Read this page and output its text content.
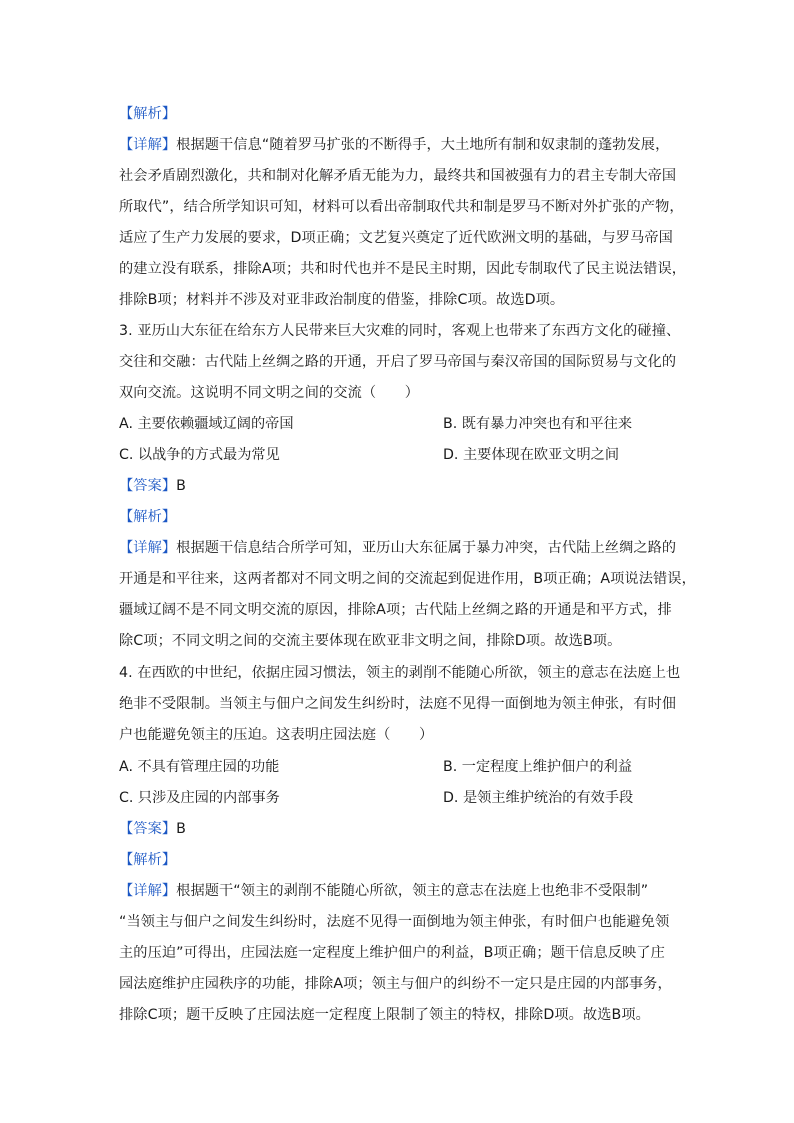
【解析】
【详解】根据题干信息“随着罗马扩张的不断得手，大土地所有制和奴隶制的蓬勃发展，
社会矛盾剧烈激化，共和制对化解矛盾无能为力，最终共和国被强有力的君主专制大帝国
所取代”，结合所学知识可知，材料可以看出帝制取代共和制是罗马不断对外扩张的产物，
适应了生产力发展的要求，D项正确；文艺复兴奠定了近代欧洲文明的基础，与罗马帝国
的建立没有联系，排除A项；共和时代也并不是民主时期，因此专制取代了民主说法错误，
排除B项；材料并不涉及对亚非政治制度的借鉴，排除C项。故选D项。
3. 亚历山大东征在给东方人民带来巨大灾难的同时，客观上也带来了东西方文化的碰撞、
交往和交融：古代陆上丝绸之路的开通，开启了罗马帝国与秦汉帝国的国际贸易与文化的
双向交流。这说明不同文明之间的交流（　　）
A. 主要依赖疆域辽阔的帝国	B. 既有暴力冲突也有和平往来
C. 以战争的方式最为常见	D. 主要体现在欧亚文明之间
【答案】B
【解析】
【详解】根据题干信息结合所学可知，亚历山大东征属于暴力冲突，古代陆上丝绸之路的
开通是和平往来，这两者都对不同文明之间的交流起到促进作用，B项正确；A项说法错误，
疆域辽阔不是不同文明交流的原因，排除A项；古代陆上丝绸之路的开通是和平方式，排
除C项；不同文明之间的交流主要体现在欧亚非文明之间，排除D项。故选B项。
4. 在西欧的中世纪，依据庄园习惯法，领主的剥削不能随心所欲，领主的意志在法庭上也
绝非不受限制。当领主与佃户之间发生纠纷时，法庭不见得一面倒地为领主伸张，有时佃
户也能避免领主的压迫。这表明庄园法庭（　　）
A. 不具有管理庄园的功能	B. 一定程度上维护佃户的利益
C. 只涉及庄园的内部事务	D. 是领主维护统治的有效手段
【答案】B
【解析】
【详解】根据题干“领主的剥削不能随心所欲，领主的意志在法庭上也绝非不受限制”
“当领主与佃户之间发生纠纷时，法庭不见得一面倒地为领主伸张，有时佃户也能避免领
主的压迫”可得出，庄园法庭一定程度上维护佃户的利益，B项正确；题干信息反映了庄
园法庭维护庄园秩序的功能，排除A项；领主与佃户的纠纷不一定只是庄园的内部事务，
排除C项；题干反映了庄园法庭一定程度上限制了领主的特权，排除D项。故选B项。
